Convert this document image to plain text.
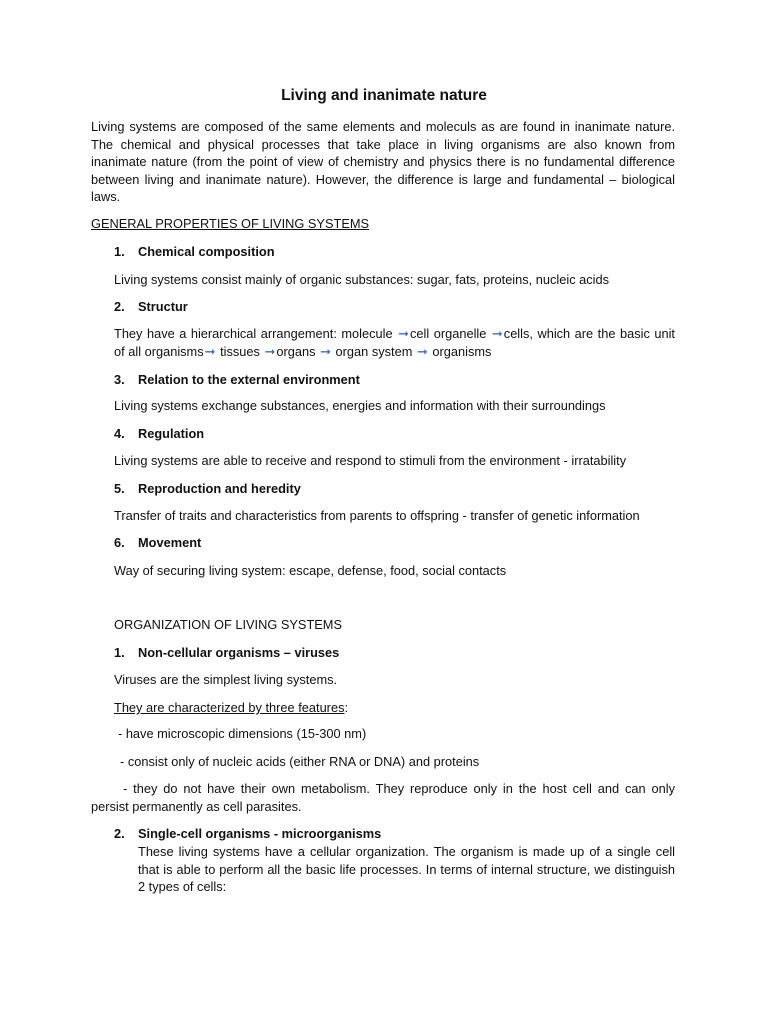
Living and inanimate nature

Living systems are composed of the same elements and moleculs as are found in inanimate nature. The chemical and physical processes that take place in living organisms are also known from inanimate nature (from the point of view of chemistry and physics there is no fundamental difference between living and inanimate nature). However, the difference is large and fundamental – biological laws.

GENERAL PROPERTIES OF LIVING SYSTEMS

1. Chemical composition

Living systems consist mainly of organic substances: sugar, fats, proteins, nucleic acids

2. Structur

They have a hierarchical arrangement: molecule ➞cell organelle ➞cells, which are the basic unit of all organisms➞ tissues ➞organs ➞ organ system ➞ organisms

3. Relation to the external environment

Living systems exchange substances, energies and information with their surroundings

4. Regulation

Living systems are able to receive and respond to stimuli from the environment - irratability

5. Reproduction and heredity

Transfer of traits and characteristics from parents to offspring - transfer of genetic information

6. Movement

Way of securing living system: escape, defense, food, social contacts

ORGANIZATION OF LIVING SYSTEMS

1. Non-cellular organisms – viruses

Viruses are the simplest living systems.

They are characterized by three features:

- have microscopic dimensions (15-300 nm)

- consist only of nucleic acids (either RNA or DNA) and proteins

- they do not have their own metabolism. They reproduce only in the host cell and can only persist permanently as cell parasites.

2. Single-cell organisms - microorganisms

These living systems have a cellular organization. The organism is made up of a single cell that is able to perform all the basic life processes. In terms of internal structure, we distinguish 2 types of cells:
